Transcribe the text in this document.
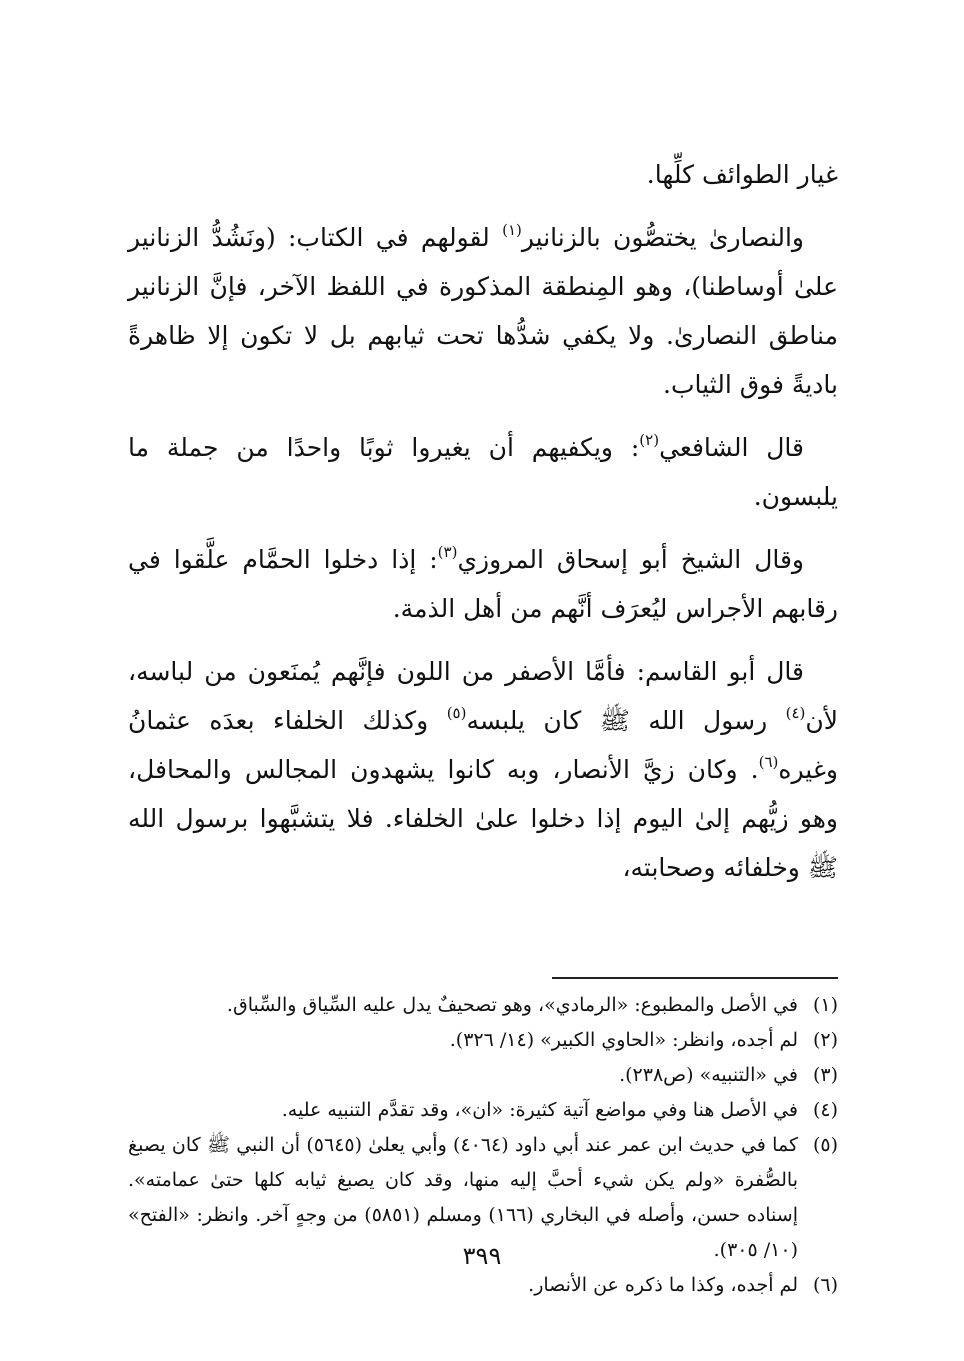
غيار الطوائف كلِّها.

والنصارىٰ يختصُّون بالزنانير$^{(١)}$ لقولهم في الكتاب: (ونَشُدُّ الزنانير علىٰ أوساطنا)، وهو المِنطقة المذكورة في اللفظ الآخر، فإنَّ الزنانير مناطق النصارىٰ. ولا يكفي شدُّها تحت ثيابهم بل لا تكون إلا ظاهرةً باديةً فوق الثياب.

قال الشافعي$^{(٢)}$: ويكفيهم أن يغيروا ثوبًا واحدًا من جملة ما يلبسون.

وقال الشيخ أبو إسحاق المروزي$^{(٣)}$: إذا دخلوا الحمَّام علَّقوا في رقابهم الأجراس ليُعرَف أنَّهم من أهل الذمة.

قال أبو القاسم: فأمَّا الأصفر من اللون فإنَّهم يُمنَعون من لباسه، لأن$^{(٤)}$ رسول الله ﷺ كان يلبسه$^{(٥)}$ وكذلك الخلفاء بعدَه عثمانُ وغيره$^{(٦)}$. وكان زيَّ الأنصار، وبه كانوا يشهدون المجالس والمحافل، وهو زيُّهم إلىٰ اليوم إذا دخلوا علىٰ الخلفاء. فلا يتشبَّهوا برسول الله ﷺ وخلفائه وصحابته،

(١)
في الأصل والمطبوع: «الرمادي»، وهو تصحيفٌ يدل عليه السِّياق والسِّباق.
(٢)
لم أجده، وانظر: «الحاوي الكبير» (١٤/ ٣٢٦).
(٣)
في «التنبيه» (ص٢٣٨).
(٤)
في الأصل هنا وفي مواضع آتية كثيرة: «ان»، وقد تقدَّم التنبيه عليه.
(٥)
كما في حديث ابن عمر عند أبي داود (٤٠٦٤) وأبي يعلىٰ (٥٦٤٥) أن النبي ﷺ كان يصبغ بالصُّفرة «ولم يكن شيء أحبَّ إليه منها، وقد كان يصبغ ثيابه كلها حتىٰ عمامته». إسناده حسن، وأصله في البخاري (١٦٦) ومسلم (٥٨٥١) من وجهٍ آخر. وانظر: «الفتح» (١٠/ ٣٠٥).
(٦)
لم أجده، وكذا ما ذكره عن الأنصار.
٣٩٩
